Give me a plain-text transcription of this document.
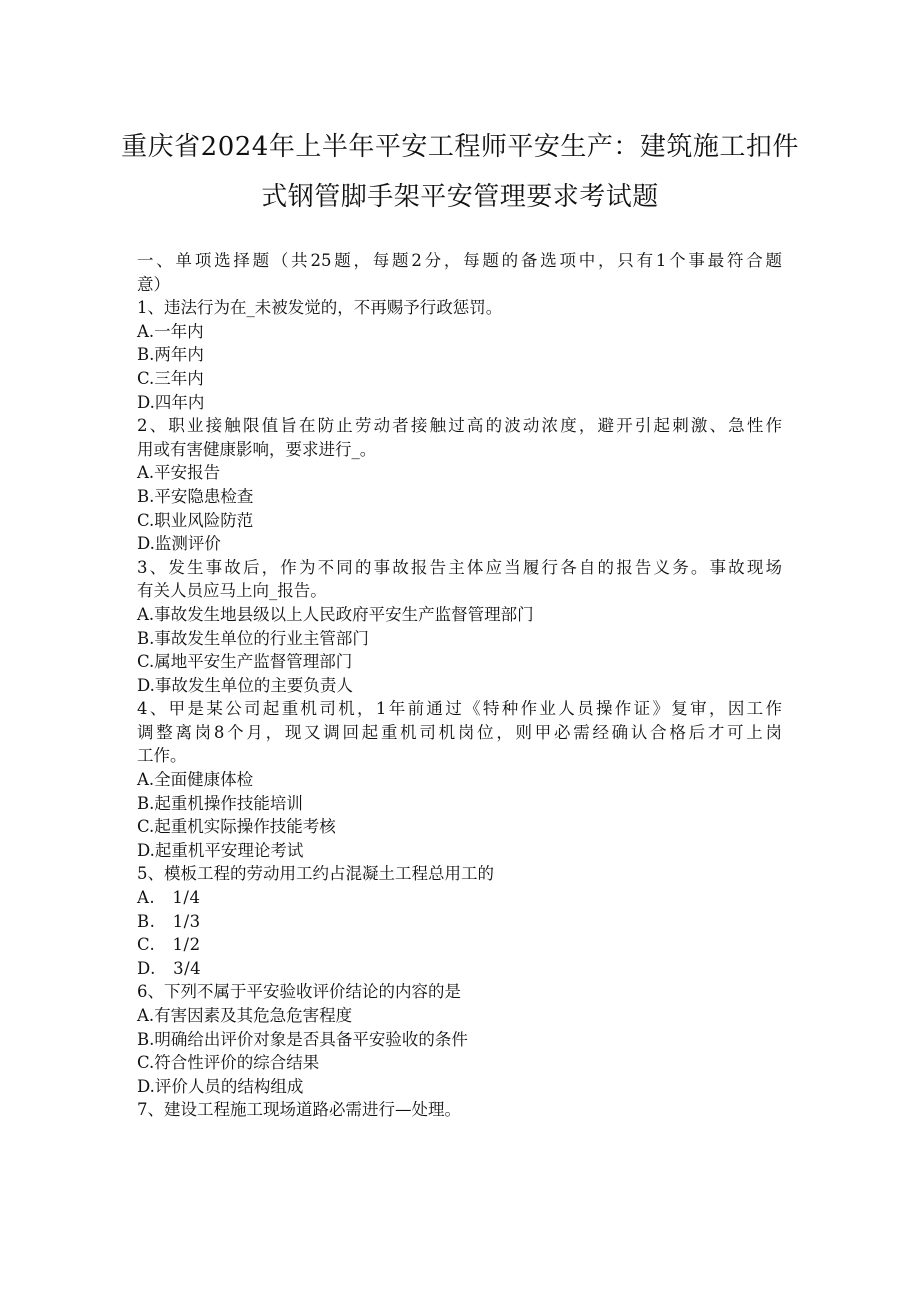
重庆省2024年上半年平安工程师平安生产：建筑施工扣件
式钢管脚手架平安管理要求考试题
一、单项选择题（共25题，每题2分，每题的备选项中，只有1个事最符合题
意）
1、违法行为在_未被发觉的，不再赐予行政惩罚。
A.一年内
B.两年内
C.三年内
D.四年内
2、职业接触限值旨在防止劳动者接触过高的波动浓度，避开引起刺激、急性作
用或有害健康影响，要求进行_。
A.平安报告
B.平安隐患检查
C.职业风险防范
D.监测评价
3、发生事故后，作为不同的事故报告主体应当履行各自的报告义务。事故现场
有关人员应马上向_报告。
A.事故发生地县级以上人民政府平安生产监督管理部门
B.事故发生单位的行业主管部门
C.属地平安生产监督管理部门
D.事故发生单位的主要负责人
4、甲是某公司起重机司机，1年前通过《特种作业人员操作证》复审，因工作
调整离岗8个月，现又调回起重机司机岗位，则甲必需经确认合格后才可上岗
工作。
A.全面健康体检
B.起重机操作技能培训
C.起重机实际操作技能考核
D.起重机平安理论考试
5、模板工程的劳动用工约占混凝土工程总用工的
A.   1/4
B.   1/3
C.   1/2
D.   3/4
6、下列不属于平安验收评价结论的内容的是
A.有害因素及其危急危害程度
B.明确给出评价对象是否具备平安验收的条件
C.符合性评价的综合结果
D.评价人员的结构组成
7、建设工程施工现场道路必需进行—处理。
